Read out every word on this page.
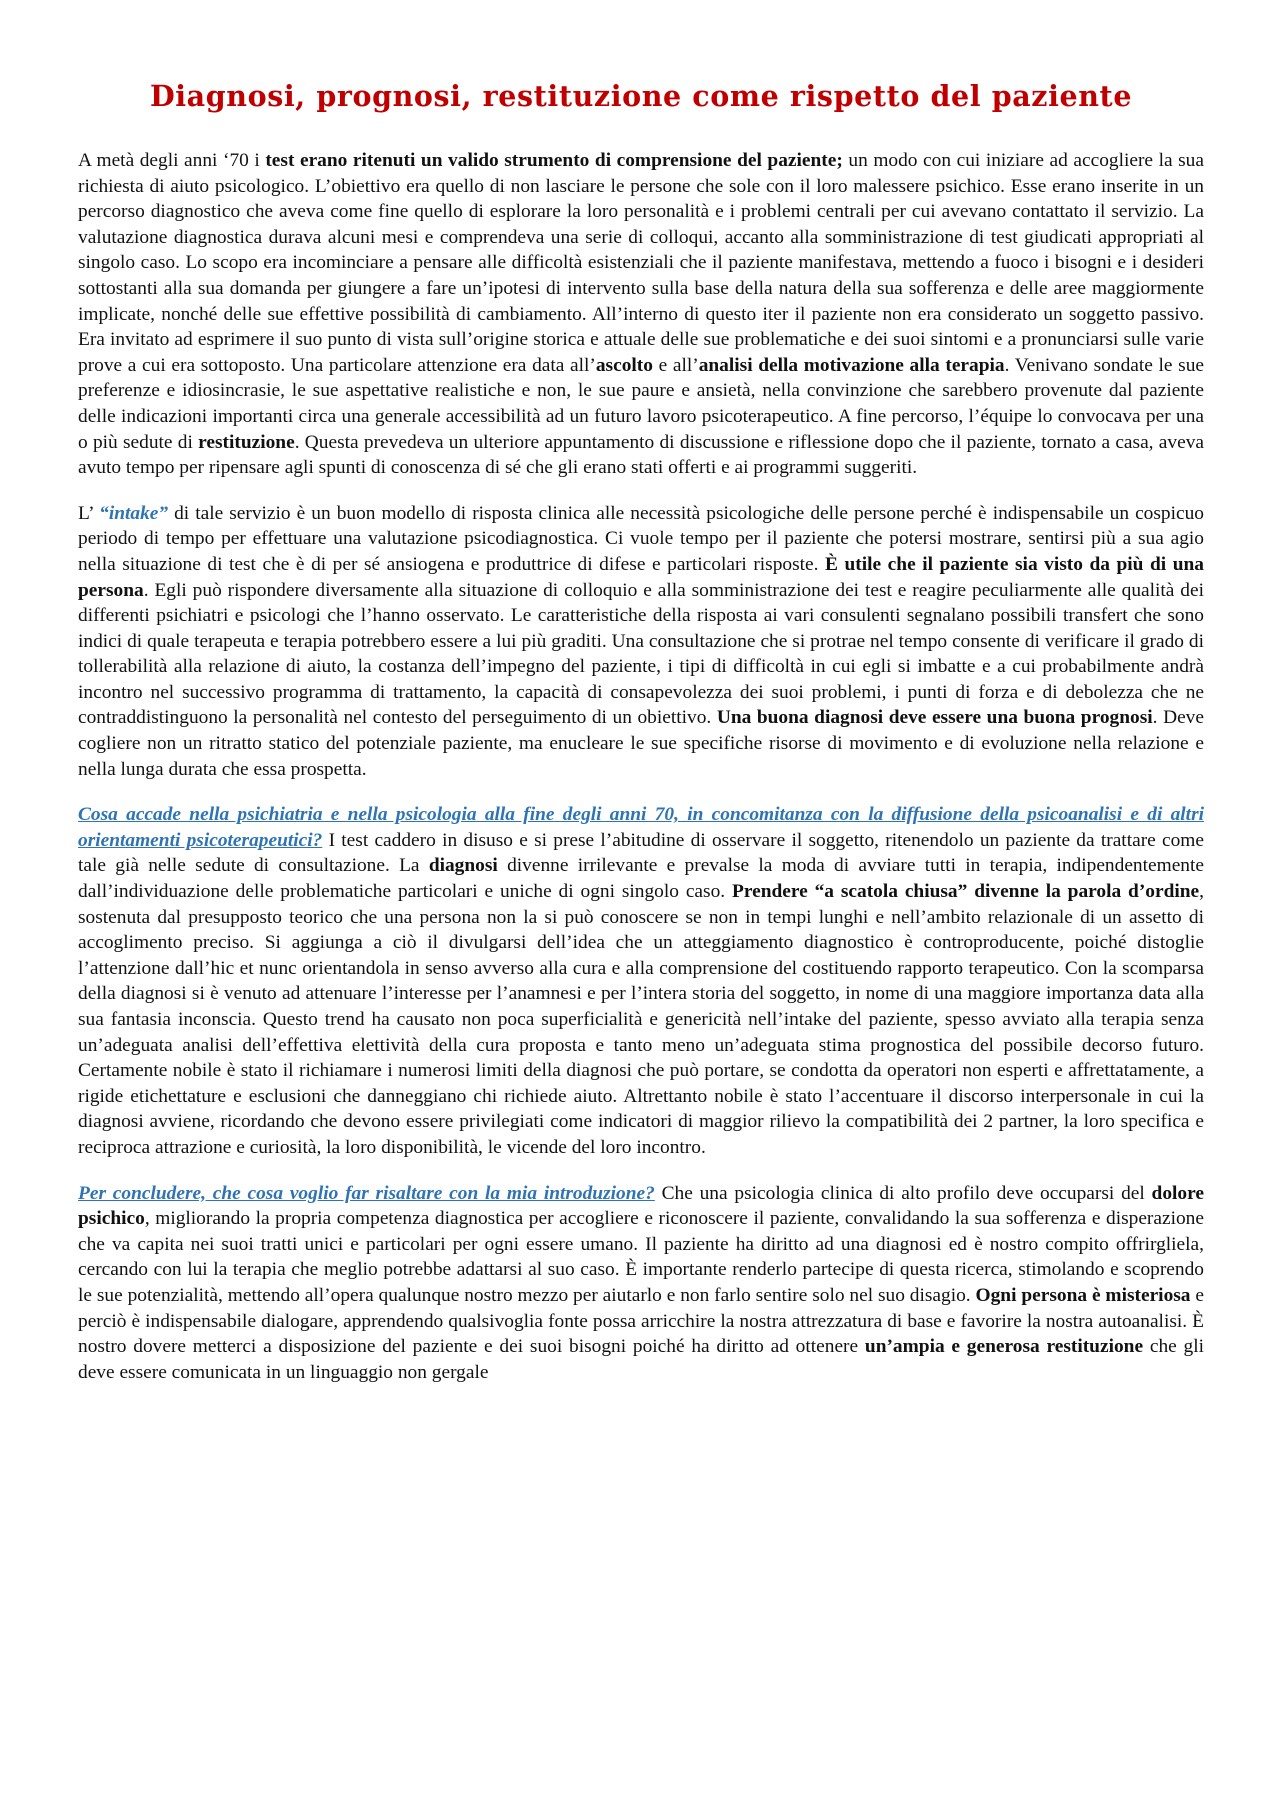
Diagnosi, prognosi, restituzione come rispetto del paziente

A metà degli anni ‘70 i test erano ritenuti un valido strumento di comprensione del paziente; un modo con cui iniziare ad accogliere la sua richiesta di aiuto psicologico. L’obiettivo era quello di non lasciare le persone che sole con il loro malessere psichico. Esse erano inserite in un percorso diagnostico che aveva come fine quello di esplorare la loro personalità e i problemi centrali per cui avevano contattato il servizio. La valutazione diagnostica durava alcuni mesi e comprendeva una serie di colloqui, accanto alla somministrazione di test giudicati appropriati al singolo caso. Lo scopo era incominciare a pensare alle difficoltà esistenziali che il paziente manifestava, mettendo a fuoco i bisogni e i desideri sottostanti alla sua domanda per giungere a fare un’ipotesi di intervento sulla base della natura della sua sofferenza e delle aree maggiormente implicate, nonché delle sue effettive possibilità di cambiamento. All’interno di questo iter il paziente non era considerato un soggetto passivo. Era invitato ad esprimere il suo punto di vista sull’origine storica e attuale delle sue problematiche e dei suoi sintomi e a pronunciarsi sulle varie prove a cui era sottoposto. Una particolare attenzione era data all’ascolto e all’analisi della motivazione alla terapia. Venivano sondate le sue preferenze e idiosincrasie, le sue aspettative realistiche e non, le sue paure e ansietà, nella convinzione che sarebbero provenute dal paziente delle indicazioni importanti circa una generale accessibilità ad un futuro lavoro psicoterapeutico. A fine percorso, l’équipe lo convocava per una o più sedute di restituzione. Questa prevedeva un ulteriore appuntamento di discussione e riflessione dopo che il paziente, tornato a casa, aveva avuto tempo per ripensare agli spunti di conoscenza di sé che gli erano stati offerti e ai programmi suggeriti.

L’ “intake” di tale servizio è un buon modello di risposta clinica alle necessità psicologiche delle persone perché è indispensabile un cospicuo periodo di tempo per effettuare una valutazione psicodiagnostica. Ci vuole tempo per il paziente che potersi mostrare, sentirsi più a sua agio nella situazione di test che è di per sé ansiogena e produttrice di difese e particolari risposte. È utile che il paziente sia visto da più di una persona. Egli può rispondere diversamente alla situazione di colloquio e alla somministrazione dei test e reagire peculiarmente alle qualità dei differenti psichiatri e psicologi che l’hanno osservato. Le caratteristiche della risposta ai vari consulenti segnalano possibili transfert che sono indici di quale terapeuta e terapia potrebbero essere a lui più graditi. Una consultazione che si protrae nel tempo consente di verificare il grado di tollerabilità alla relazione di aiuto, la costanza dell’impegno del paziente, i tipi di difficoltà in cui egli si imbatte e a cui probabilmente andrà incontro nel successivo programma di trattamento, la capacità di consapevolezza dei suoi problemi, i punti di forza e di debolezza che ne contraddistinguono la personalità nel contesto del perseguimento di un obiettivo. Una buona diagnosi deve essere una buona prognosi. Deve cogliere non un ritratto statico del potenziale paziente, ma enucleare le sue specifiche risorse di movimento e di evoluzione nella relazione e nella lunga durata che essa prospetta.

Cosa accade nella psichiatria e nella psicologia alla fine degli anni 70, in concomitanza con la diffusione della psicoanalisi e di altri orientamenti psicoterapeutici? I test caddero in disuso e si prese l’abitudine di osservare il soggetto, ritenendolo un paziente da trattare come tale già nelle sedute di consultazione. La diagnosi divenne irrilevante e prevalse la moda di avviare tutti in terapia, indipendentemente dall’individuazione delle problematiche particolari e uniche di ogni singolo caso. Prendere “a scatola chiusa” divenne la parola d’ordine, sostenuta dal presupposto teorico che una persona non la si può conoscere se non in tempi lunghi e nell’ambito relazionale di un assetto di accoglimento preciso. Si aggiunga a ciò il divulgarsi dell’idea che un atteggiamento diagnostico è controproducente, poiché distoglie l’attenzione dall’hic et nunc orientandola in senso avverso alla cura e alla comprensione del costituendo rapporto terapeutico. Con la scomparsa della diagnosi si è venuto ad attenuare l’interesse per l’anamnesi e per l’intera storia del soggetto, in nome di una maggiore importanza data alla sua fantasia inconscia. Questo trend ha causato non poca superficialità e genericità nell’intake del paziente, spesso avviato alla terapia senza un’adeguata analisi dell’effettiva elettività della cura proposta e tanto meno un’adeguata stima prognostica del possibile decorso futuro. Certamente nobile è stato il richiamare i numerosi limiti della diagnosi che può portare, se condotta da operatori non esperti e affrettatamente, a rigide etichettature e esclusioni che danneggiano chi richiede aiuto. Altrettanto nobile è stato l’accentuare il discorso interpersonale in cui la diagnosi avviene, ricordando che devono essere privilegiati come indicatori di maggior rilievo la compatibilità dei 2 partner, la loro specifica e reciproca attrazione e curiosità, la loro disponibilità, le vicende del loro incontro.

Per concludere, che cosa voglio far risaltare con la mia introduzione? Che una psicologia clinica di alto profilo deve occuparsi del dolore psichico, migliorando la propria competenza diagnostica per accogliere e riconoscere il paziente, convalidando la sua sofferenza e disperazione che va capita nei suoi tratti unici e particolari per ogni essere umano. Il paziente ha diritto ad una diagnosi ed è nostro compito offrirgliela, cercando con lui la terapia che meglio potrebbe adattarsi al suo caso. È importante renderlo partecipe di questa ricerca, stimolando e scoprendo le sue potenzialità, mettendo all’opera qualunque nostro mezzo per aiutarlo e non farlo sentire solo nel suo disagio. Ogni persona è misteriosa e perciò è indispensabile dialogare, apprendendo qualsivoglia fonte possa arricchire la nostra attrezzatura di base e favorire la nostra autoanalisi. È nostro dovere metterci a disposizione del paziente e dei suoi bisogni poiché ha diritto ad ottenere un’ampia e generosa restituzione che gli deve essere comunicata in un linguaggio non gergale
